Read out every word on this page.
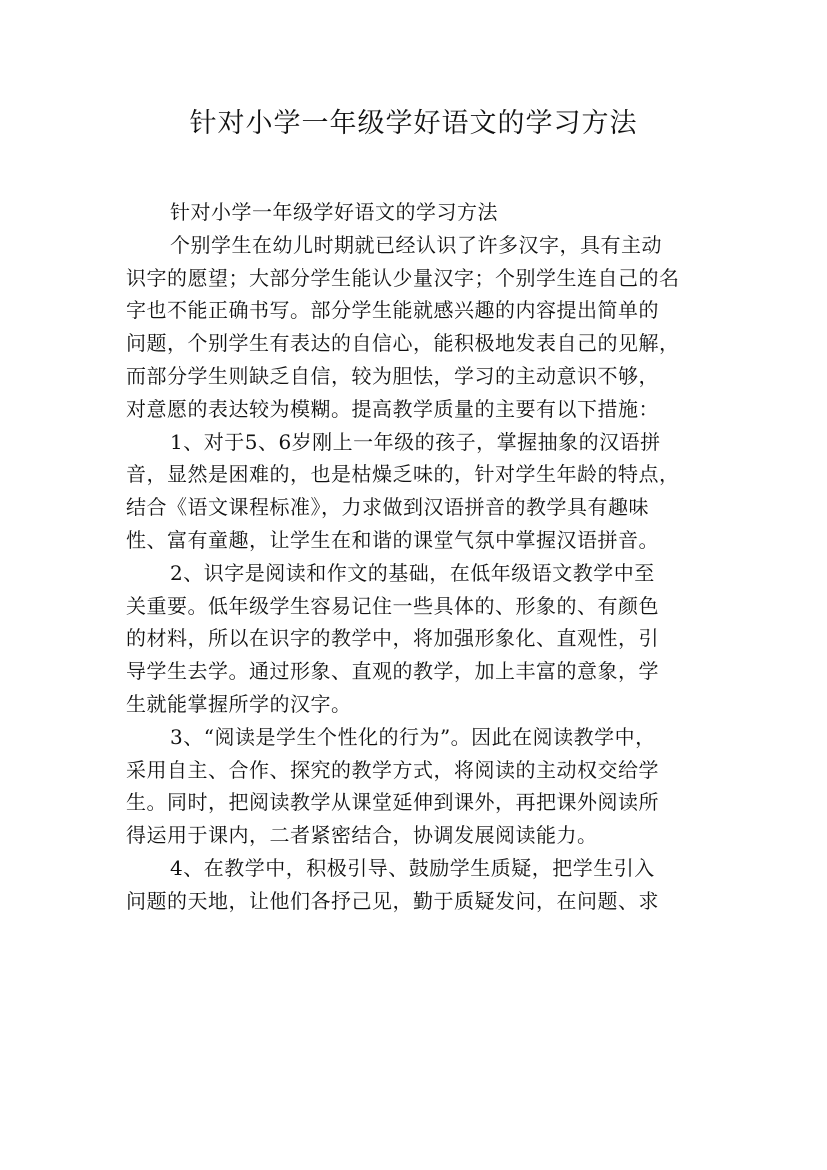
针对小学一年级学好语文的学习方法
针对小学一年级学好语文的学习方法
个别学生在幼儿时期就已经认识了许多汉字，具有主动
识字的愿望；大部分学生能认少量汉字；个别学生连自己的名
字也不能正确书写。部分学生能就感兴趣的内容提出简单的
问题，个别学生有表达的自信心，能积极地发表自己的见解，
而部分学生则缺乏自信，较为胆怯，学习的主动意识不够，
对意愿的表达较为模糊。提高教学质量的主要有以下措施：
1、对于5、6岁刚上一年级的孩子，掌握抽象的汉语拼
音，显然是困难的，也是枯燥乏味的，针对学生年龄的特点，
结合《语文课程标准》，力求做到汉语拼音的教学具有趣味
性、富有童趣，让学生在和谐的课堂气氛中掌握汉语拼音。
2、识字是阅读和作文的基础，在低年级语文教学中至
关重要。低年级学生容易记住一些具体的、形象的、有颜色
的材料，所以在识字的教学中，将加强形象化、直观性，引
导学生去学。通过形象、直观的教学，加上丰富的意象，学
生就能掌握所学的汉字。
3、“阅读是学生个性化的行为”。因此在阅读教学中，
采用自主、合作、探究的教学方式，将阅读的主动权交给学
生。同时，把阅读教学从课堂延伸到课外，再把课外阅读所
得运用于课内，二者紧密结合，协调发展阅读能力。
4、在教学中，积极引导、鼓励学生质疑，把学生引入
问题的天地，让他们各抒己见，勤于质疑发问，在问题、求
